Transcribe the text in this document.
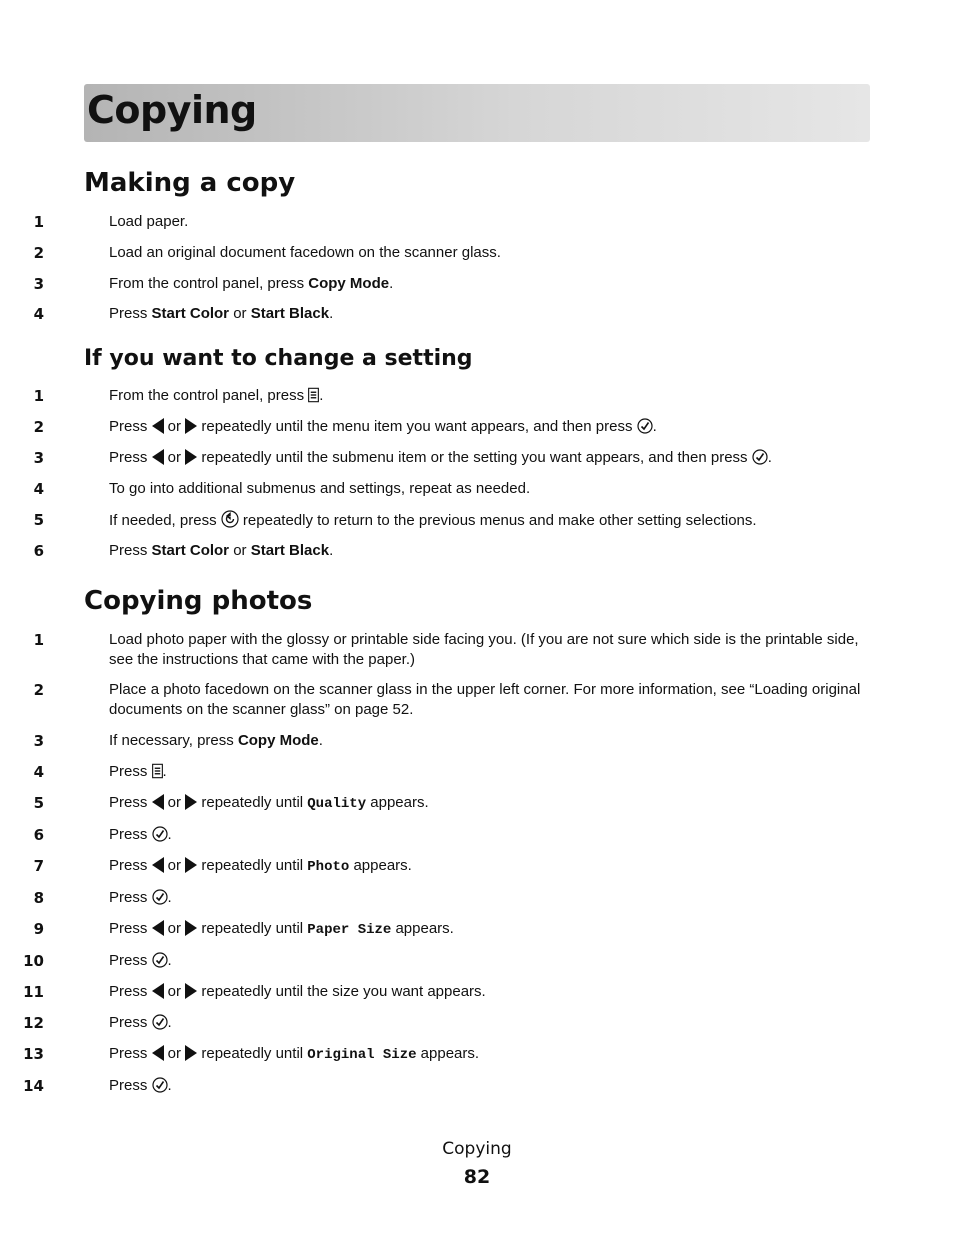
Copying
Making a copy
1	Load paper.
2	Load an original document facedown on the scanner glass.
3	From the control panel, press Copy Mode.
4	Press Start Color or Start Black.
If you want to change a setting
1	From the control panel, press .
2	Press  or  repeatedly until the menu item you want appears, and then press .
3	Press  or  repeatedly until the submenu item or the setting you want appears, and then press .
4	To go into additional submenus and settings, repeat as needed.
5	If needed, press  repeatedly to return to the previous menus and make other setting selections.
6	Press Start Color or Start Black.
Copying photos
1	Load photo paper with the glossy or printable side facing you. (If you are not sure which side is the printable side, see the instructions that came with the paper.)
2	Place a photo facedown on the scanner glass in the upper left corner. For more information, see “Loading original documents on the scanner glass” on page 52.
3	If necessary, press Copy Mode.
4	Press .
5	Press  or  repeatedly until Quality appears.
6	Press .
7	Press  or  repeatedly until Photo appears.
8	Press .
9	Press  or  repeatedly until Paper Size appears.
10	Press .
11	Press  or  repeatedly until the size you want appears.
12	Press .
13	Press  or  repeatedly until Original Size appears.
14	Press .
Copying
82
